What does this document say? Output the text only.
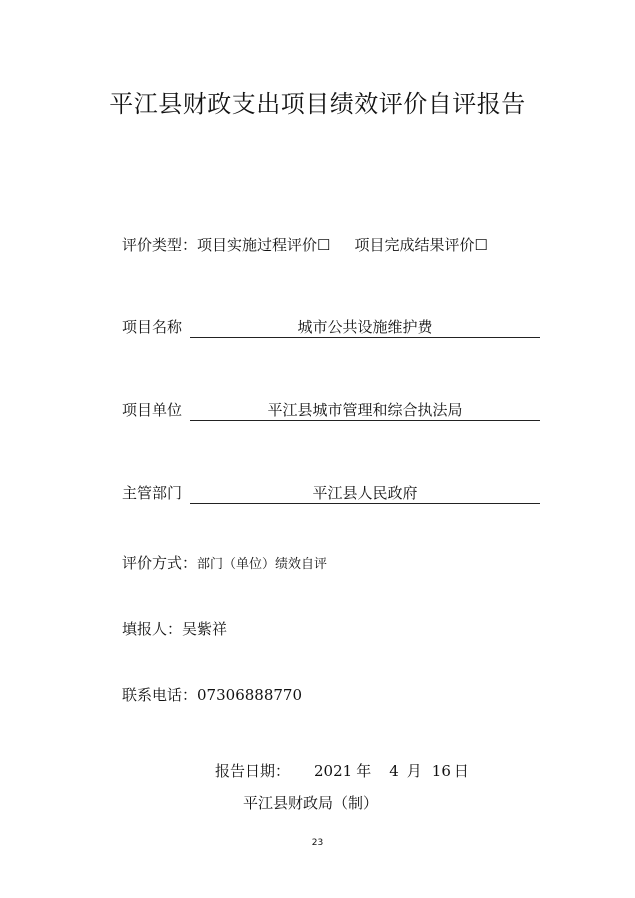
平江县财政支出项目绩效评价自评报告
评价类型：项目实施过程评价☐ 项目完成结果评价☐
项目名称	城市公共设施维护费
项目单位	平江县城市管理和综合执法局
主管部门	平江县人民政府
评价方式：部门（单位）绩效自评
填报人：吴紫祥
联系电话：07306888770
报告日期： 2021 年 4 月 16 日
平江县财政局（制）
23
